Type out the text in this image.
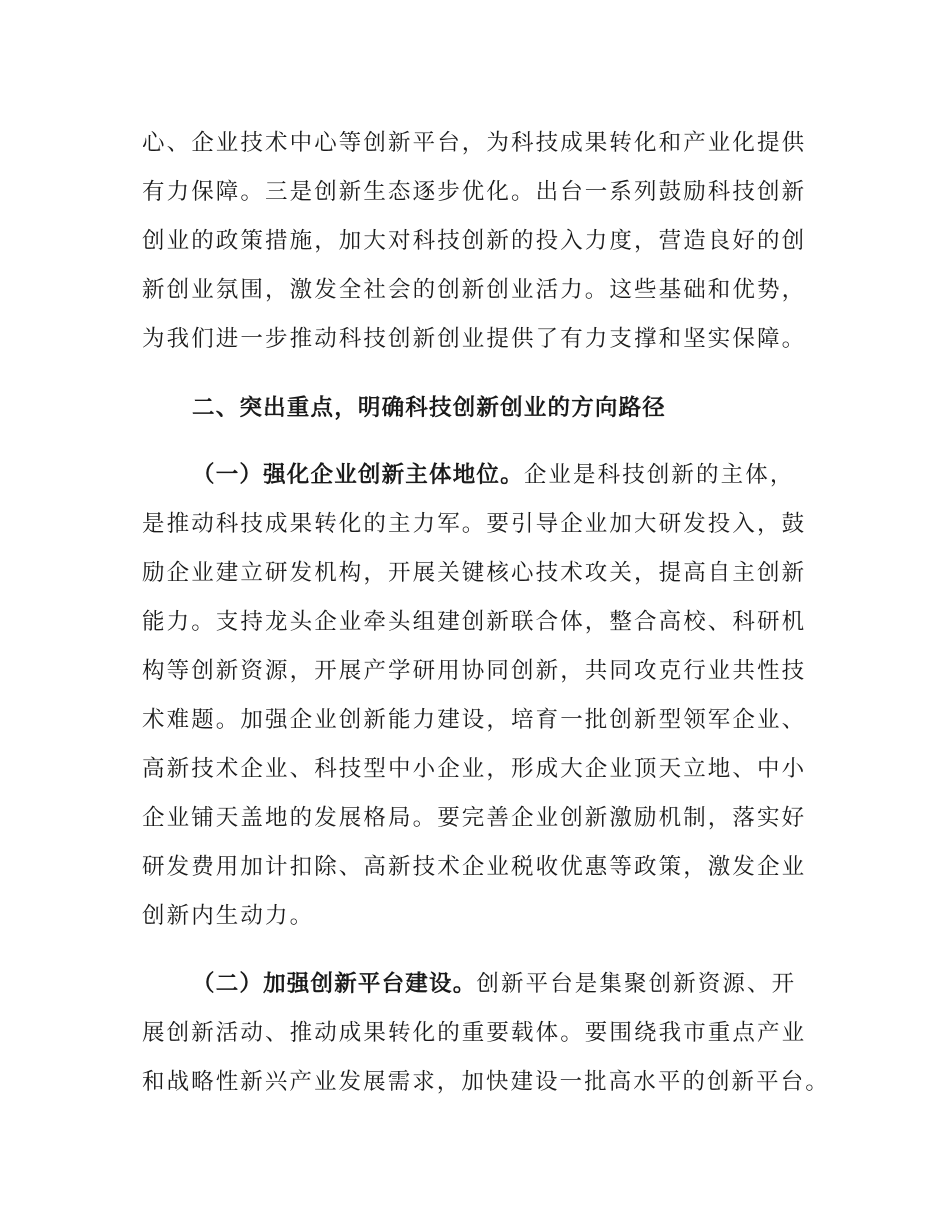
心、企业技术中心等创新平台，为科技成果转化和产业化提供
有力保障。三是创新生态逐步优化。出台一系列鼓励科技创新
创业的政策措施，加大对科技创新的投入力度，营造良好的创
新创业氛围，激发全社会的创新创业活力。这些基础和优势，
为我们进一步推动科技创新创业提供了有力支撑和坚实保障。
二、突出重点，明确科技创新创业的方向路径
（一）强化企业创新主体地位。企业是科技创新的主体，
是推动科技成果转化的主力军。要引导企业加大研发投入，鼓
励企业建立研发机构，开展关键核心技术攻关，提高自主创新
能力。支持龙头企业牵头组建创新联合体，整合高校、科研机
构等创新资源，开展产学研用协同创新，共同攻克行业共性技
术难题。加强企业创新能力建设，培育一批创新型领军企业、
高新技术企业、科技型中小企业，形成大企业顶天立地、中小
企业铺天盖地的发展格局。要完善企业创新激励机制，落实好
研发费用加计扣除、高新技术企业税收优惠等政策，激发企业
创新内生动力。
（二）加强创新平台建设。创新平台是集聚创新资源、开
展创新活动、推动成果转化的重要载体。要围绕我市重点产业
和战略性新兴产业发展需求，加快建设一批高水平的创新平台。
